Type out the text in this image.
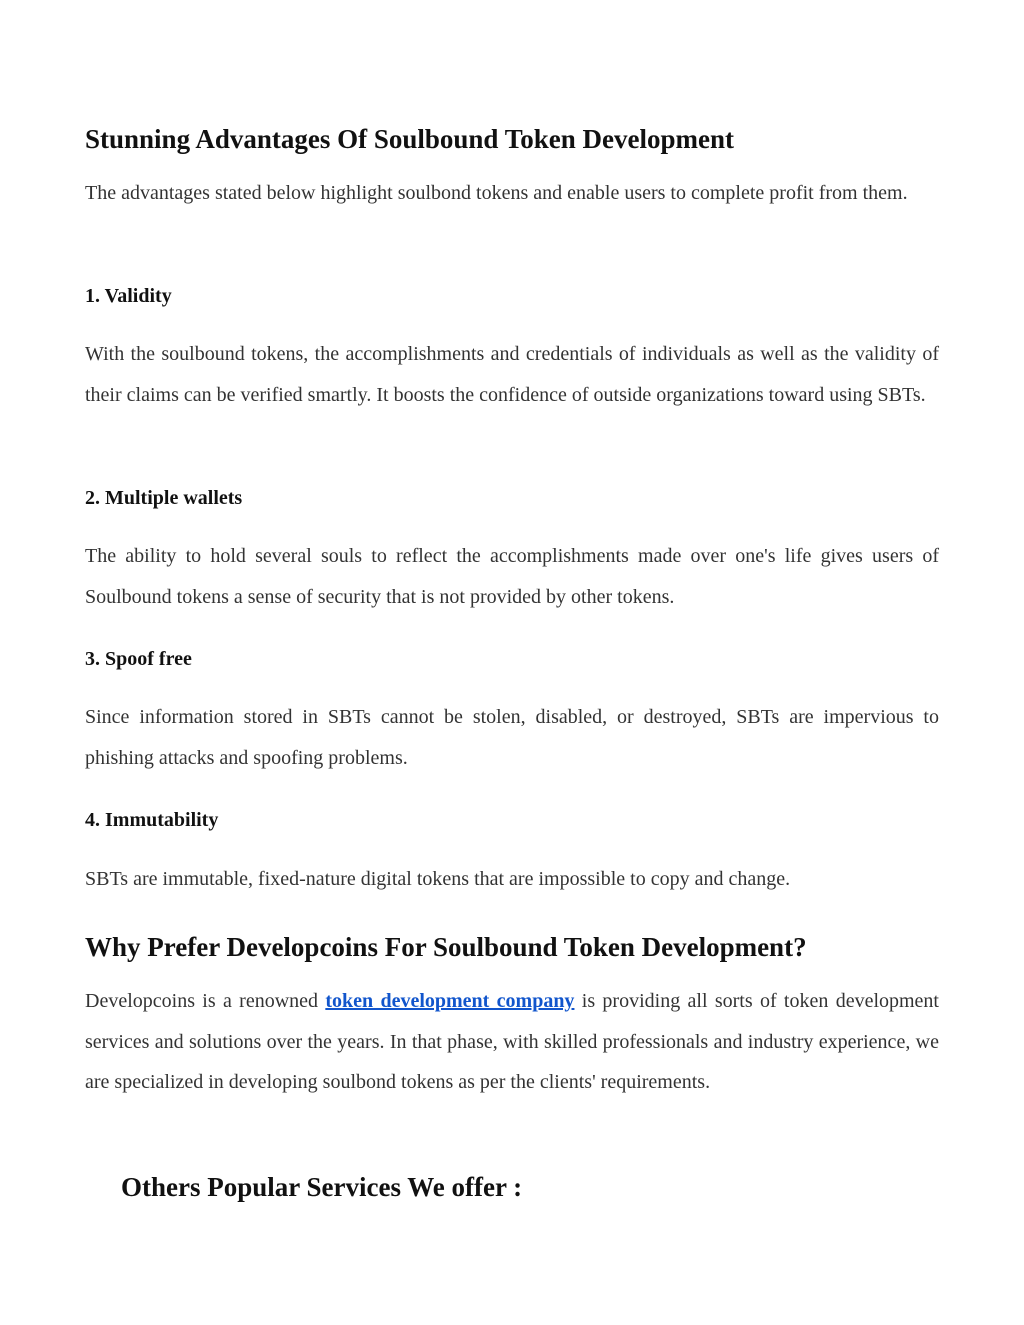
Stunning Advantages Of Soulbound Token Development

The advantages stated below highlight soulbond tokens and enable users to complete profit from them.

1. Validity

With the soulbound tokens, the accomplishments and credentials of individuals as well as the validity of their claims can be verified smartly. It boosts the confidence of outside organizations toward using SBTs.

2. Multiple wallets

The ability to hold several souls to reflect the accomplishments made over one's life gives users of Soulbound tokens a sense of security that is not provided by other tokens.

3. Spoof free

Since information stored in SBTs cannot be stolen, disabled, or destroyed, SBTs are impervious to phishing attacks and spoofing problems.

4. Immutability

SBTs are immutable, fixed-nature digital tokens that are impossible to copy and change.

Why Prefer Developcoins For Soulbound Token Development?

Developcoins is a renowned token development company is providing all sorts of token development services and solutions over the years. In that phase, with skilled professionals and industry experience, we are specialized in developing soulbond tokens as per the clients' requirements.

Others Popular Services We offer :
